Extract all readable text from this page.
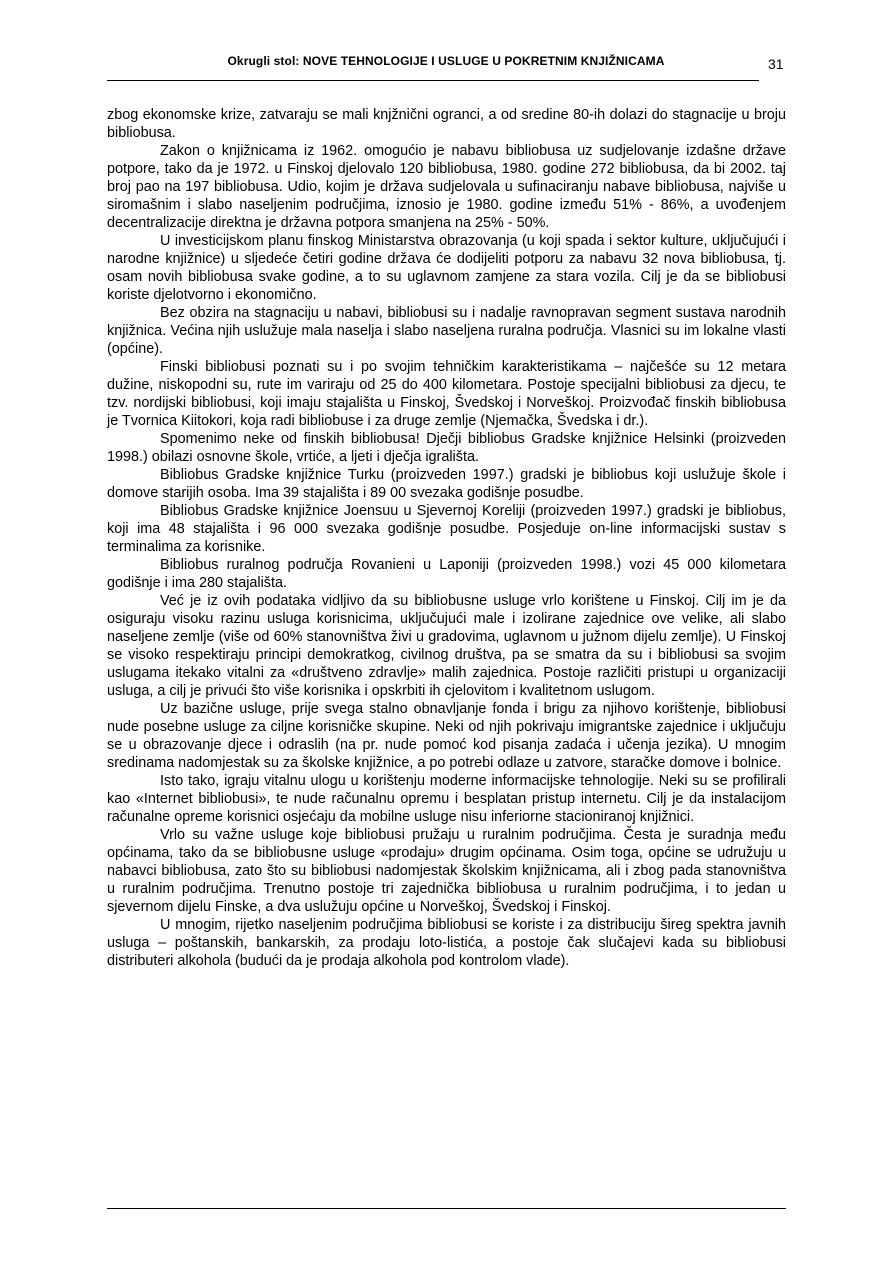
Okrugli stol: NOVE TEHNOLOGIJE I USLUGE U POKRETNIM KNJIŽNICAMA	31

zbog ekonomske krize, zatvaraju se mali knjžnični ogranci, a od sredine 80-ih dolazi do stagnacije u broju bibliobusa.

Zakon o knjižnicama iz 1962. omogućio je nabavu bibliobusa uz sudjelovanje izdašne države potpore, tako da je 1972. u Finskoj djelovalo 120 bibliobusa, 1980. godine 272 bibliobusa, da bi 2002. taj broj pao na 197 bibliobusa. Udio, kojim je država sudjelovala u sufinaciranju nabave bibliobusa, najviše u siromašnim i slabo naseljenim područjima, iznosio je 1980. godine između 51% - 86%, a uvođenjem decentralizacije direktna je državna potpora smanjena na 25% - 50%.

U investicijskom planu finskog Ministarstva obrazovanja (u koji spada i sektor kulture, uključujući i narodne knjižnice) u sljedeće četiri godine država će dodijeliti potporu za nabavu 32 nova bibliobusa, tj. osam novih bibliobusa svake godine, a to su uglavnom zamjene za stara vozila. Cilj je da se bibliobusi koriste djelotvorno i ekonomično.

Bez obzira na stagnaciju u nabavi, bibliobusi su i nadalje ravnopravan segment sustava narodnih knjižnica. Većina njih uslužuje mala naselja i slabo naseljena ruralna područja. Vlasnici su im lokalne vlasti (općine).

Finski bibliobusi poznati su i po svojim tehničkim karakteristikama – najčešće su 12 metara dužine, niskopodni su, rute im variraju od 25 do 400 kilometara. Postoje specijalni bibliobusi za djecu, te tzv. nordijski bibliobusi, koji imaju stajališta u Finskoj, Švedskoj i Norveškoj. Proizvođač finskih bibliobusa je Tvornica Kiitokori, koja radi bibliobuse i za druge zemlje (Njemačka, Švedska i dr.).

Spomenimo neke od finskih bibliobusa! Dječji bibliobus Gradske knjižnice Helsinki (proizveden 1998.) obilazi osnovne škole, vrtiće, a ljeti i dječja igrališta.

Bibliobus Gradske knjižnice Turku (proizveden 1997.) gradski je bibliobus koji uslužuje škole i domove starijih osoba. Ima 39 stajališta i 89 00 svezaka godišnje posudbe.

Bibliobus Gradske knjižnice Joensuu u Sjevernoj Koreliji (proizveden 1997.) gradski je bibliobus, koji ima 48 stajališta i 96 000 svezaka godišnje posudbe. Posjeduje on-line informacijski sustav s terminalima za korisnike.

Bibliobus ruralnog područja Rovanieni u Laponiji (proizveden 1998.) vozi 45 000 kilometara godišnje i ima 280 stajališta.

Već je iz ovih podataka vidljivo da su bibliobusne usluge vrlo korištene u Finskoj. Cilj im je da osiguraju visoku razinu usluga korisnicima, uključujući male i izolirane zajednice ove velike, ali slabo naseljene zemlje (više od 60% stanovništva živi u gradovima, uglavnom u južnom dijelu zemlje). U Finskoj se visoko respektiraju principi demokratkog, civilnog društva, pa se smatra da su i bibliobusi sa svojim uslugama itekako vitalni za «društveno zdravlje» malih zajednica. Postoje različiti pristupi u organizaciji usluga, a cilj je privući što više korisnika i opskrbiti ih cjelovitom i kvalitetnom uslugom.

Uz bazične usluge, prije svega stalno obnavljanje fonda i brigu za njihovo korištenje, bibliobusi nude posebne usluge za ciljne korisničke skupine. Neki od njih pokrivaju imigrantske zajednice i uključuju se u obrazovanje djece i odraslih (na pr. nude pomoć kod pisanja zadaća i učenja jezika). U mnogim sredinama nadomjestak su za školske knjižnice, a po potrebi odlaze u zatvore, staračke domove i bolnice.

Isto tako, igraju vitalnu ulogu u korištenju moderne informacijske tehnologije. Neki su se profilirali kao «Internet bibliobusi», te nude računalnu opremu i besplatan pristup internetu. Cilj je da instalacijom računalne opreme korisnici osjećaju da mobilne usluge nisu inferiorne stacioniranoj knjižnici.

Vrlo su važne usluge koje bibliobusi pružaju u ruralnim područjima. Česta je suradnja među općinama, tako da se bibliobusne usluge «prodaju» drugim općinama. Osim toga, općine se udružuju u nabavci bibliobusa, zato što su bibliobusi nadomjestak školskim knjižnicama, ali i zbog pada stanovništva u ruralnim područjima. Trenutno postoje tri zajednička bibliobusa u ruralnim područjima, i to jedan u sjevernom dijelu Finske, a dva uslužuju općine u Norveškoj, Švedskoj i Finskoj.

U mnogim, rijetko naseljenim područjima bibliobusi se koriste i za distribuciju šireg spektra javnih usluga – poštanskih, bankarskih, za prodaju loto-listića, a postoje čak slučajevi kada su bibliobusi distributeri alkohola (budući da je prodaja alkohola pod kontrolom vlade).
